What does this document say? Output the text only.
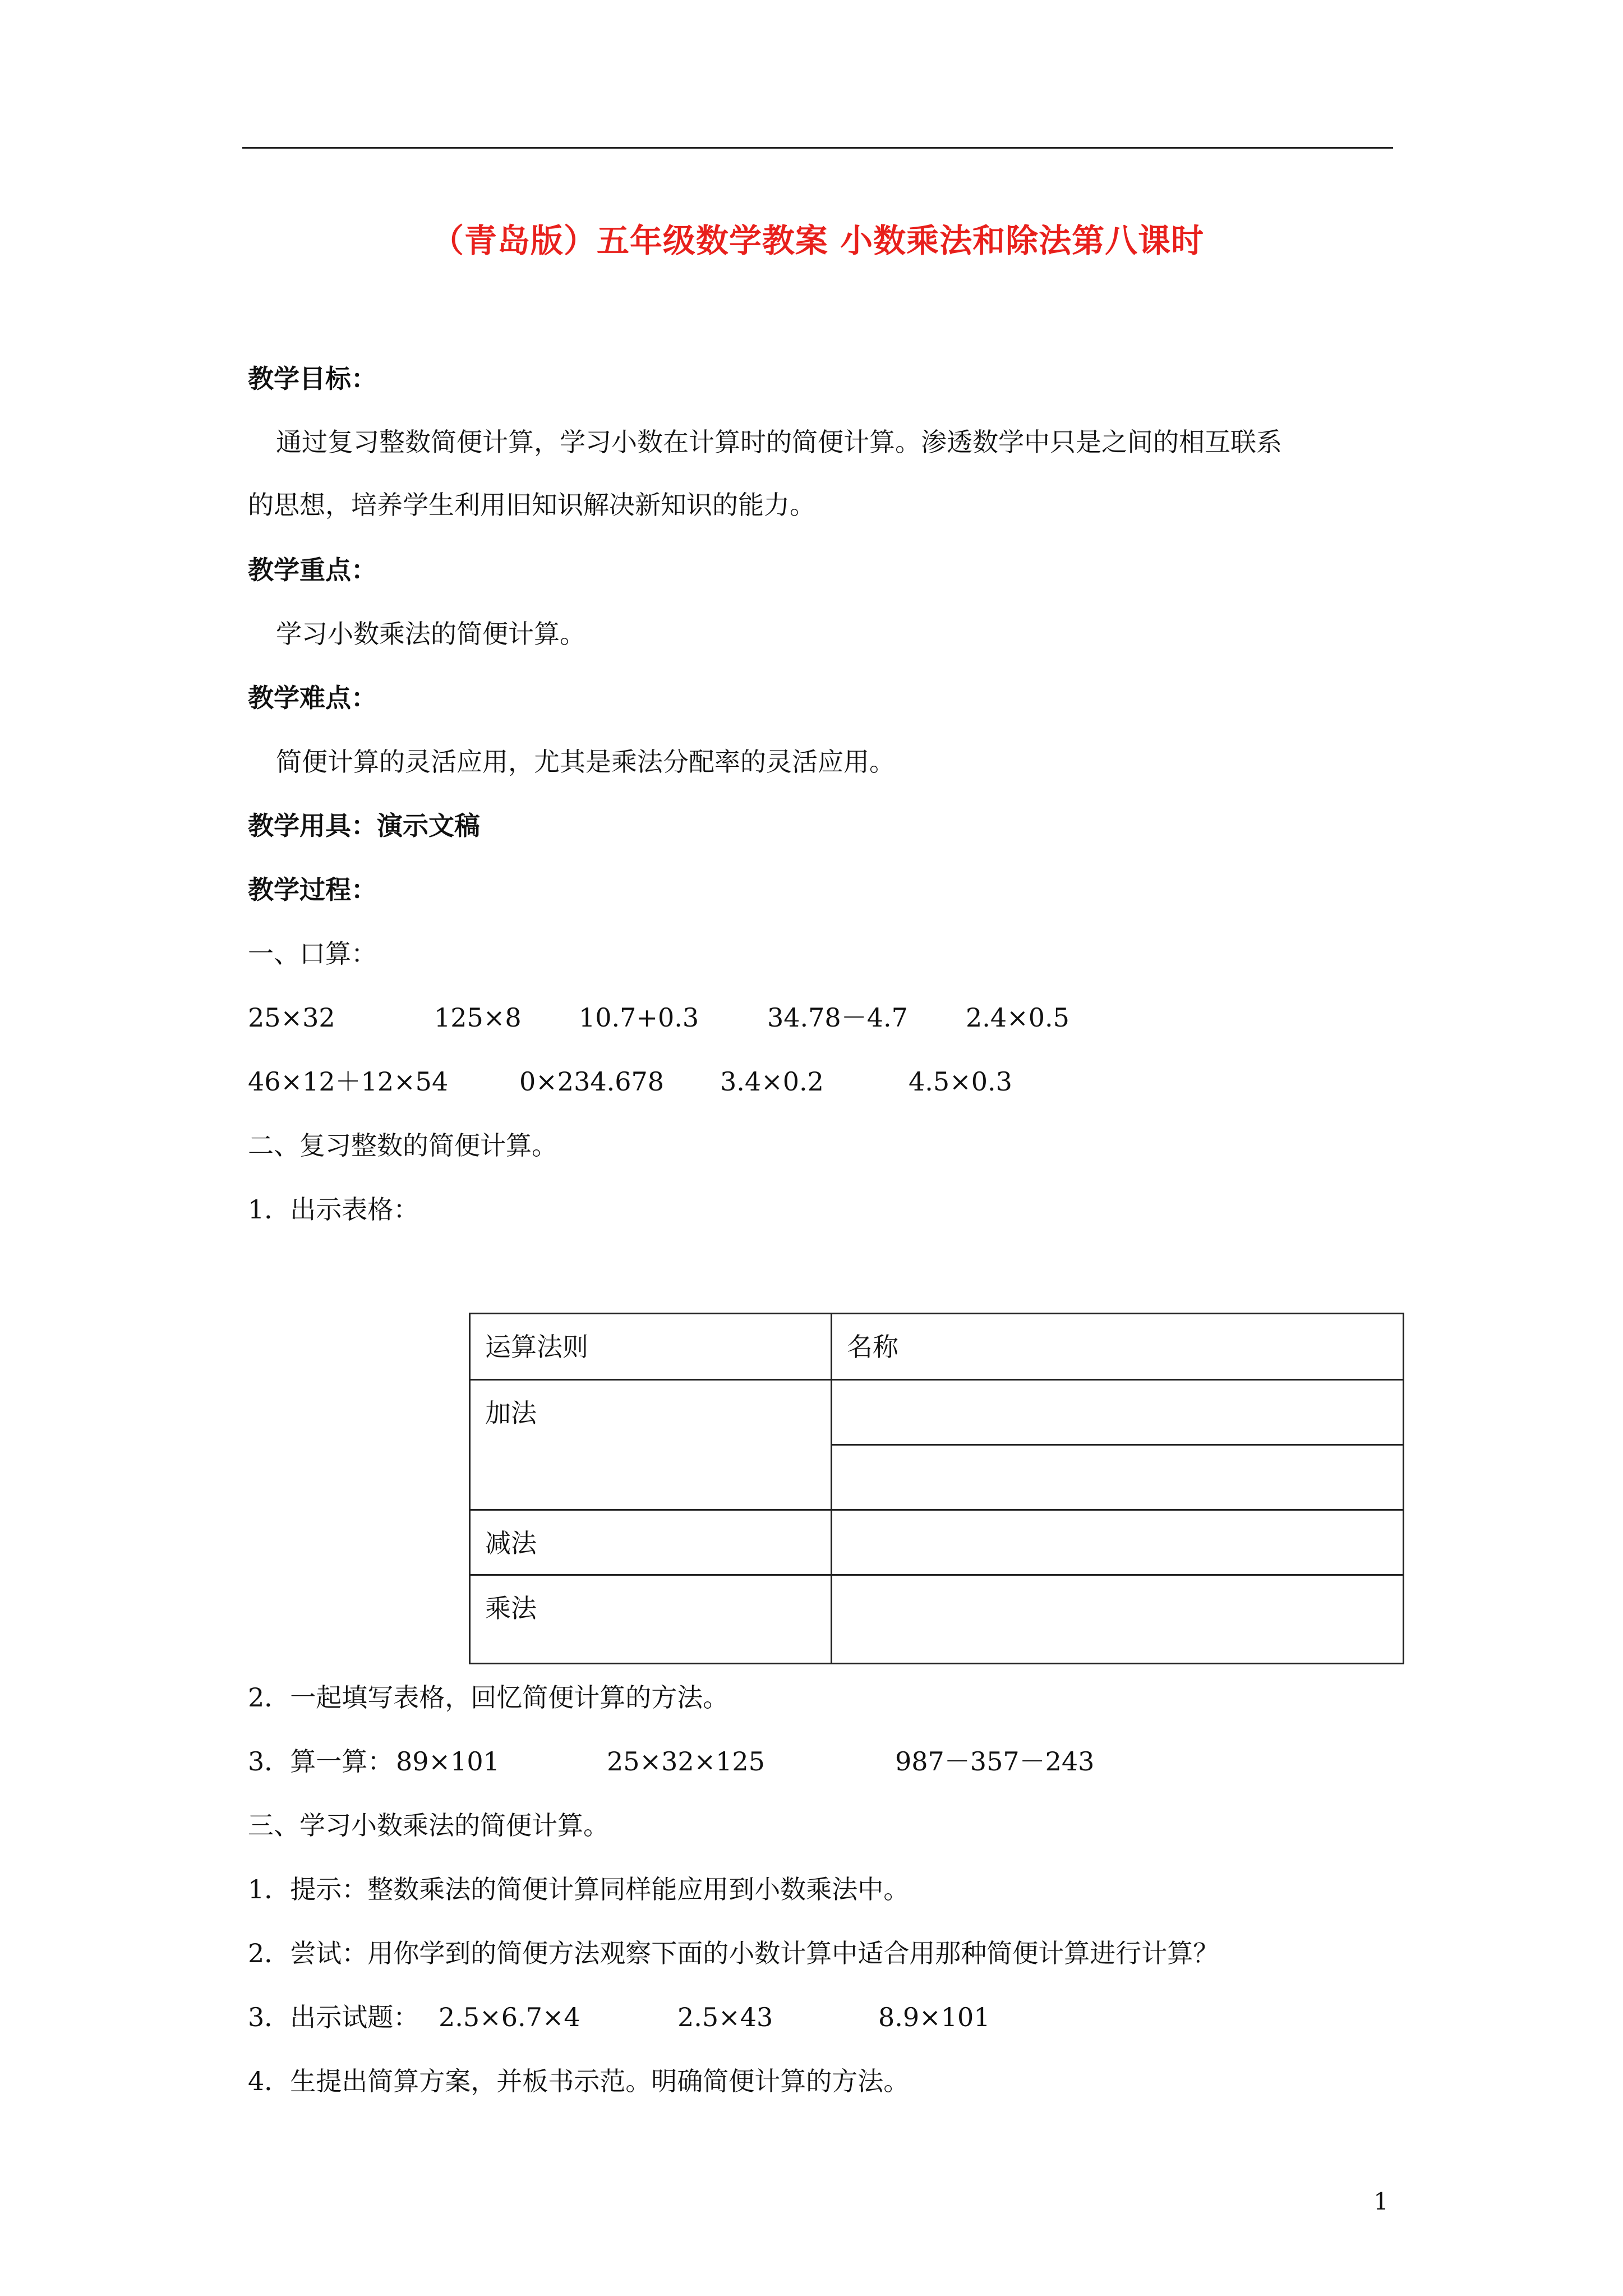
（青岛版）五年级数学教案 小数乘法和除法第八课时
教学目标：
通过复习整数简便计算，学习小数在计算时的简便计算。渗透数学中只是之间的相互联系
的思想，培养学生利用旧知识解决新知识的能力。
教学重点：
学习小数乘法的简便计算。
教学难点：
简便计算的灵活应用，尤其是乘法分配率的灵活应用。
教学用具：演示文稿
教学过程：
一、口算：
25×32	125×8 10.7+0.3	34.78－4.7 2.4×0.5
46×12＋12×54	0×234.678 3.4×0.2	4.5×0.3
二、复习整数的简便计算。
1．出示表格：
运算法则	名称
加法	

减法	
乘法	
2．一起填写表格，回忆简便计算的方法。
3．算一算： 89×101	25×32×125	987－357－243
三、学习小数乘法的简便计算。
1．提示：整数乘法的简便计算同样能应用到小数乘法中。
2．尝试：用你学到的简便方法观察下面的小数计算中适合用那种简便计算进行计算？
3．出示试题： 2.5×6.7×4	2.5×43	8.9×101
4．生提出简算方案，并板书示范。明确简便计算的方法。
1
